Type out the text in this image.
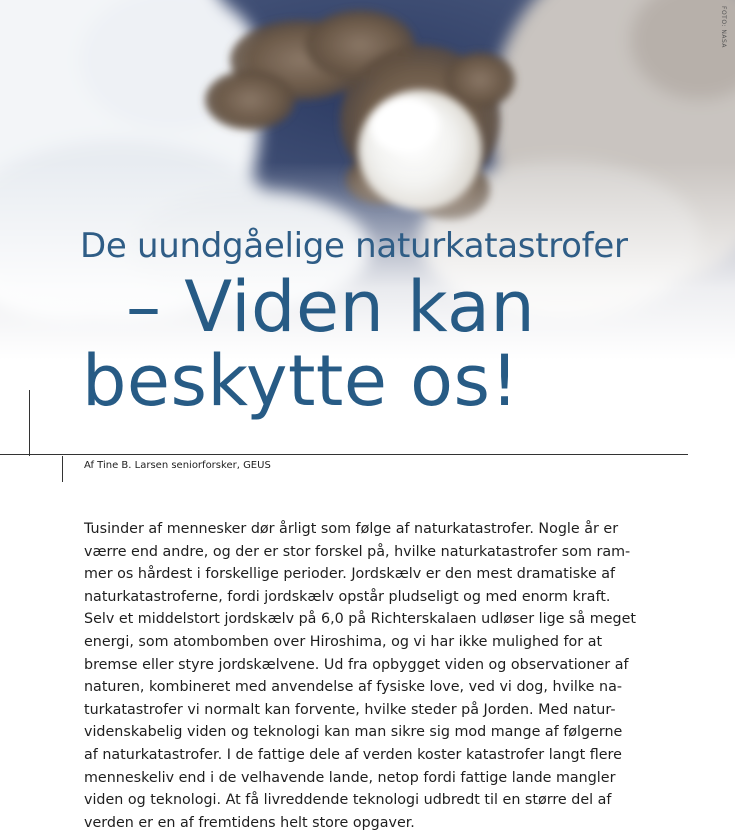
FOTO: NASA
De uundgåelige naturkatastrofer
– Viden kan
beskytte os!
Af Tine B. Larsen seniorforsker, GEUS

Tusinder af mennesker dør årligt som følge af naturkatastrofer. Nogle år er
værre end andre, og der er stor forskel på, hvilke naturkatastrofer som ram-
mer os hårdest i forskellige perioder. Jordskælv er den mest dramatiske af
naturkatastroferne, fordi jordskælv opstår pludseligt og med enorm kraft.
Selv et middelstort jordskælv på 6,0 på Richterskalaen udløser lige så meget
energi, som atombomben over Hiroshima, og vi har ikke mulighed for at
bremse eller styre jordskælvene. Ud fra opbygget viden og observationer af
naturen, kombineret med anvendelse af fysiske love, ved vi dog, hvilke na-
turkatastrofer vi normalt kan forvente, hvilke steder på Jorden. Med natur-
videnskabelig viden og teknologi kan man sikre sig mod mange af følgerne
af naturkatastrofer. I de fattige dele af verden koster katastrofer langt flere
menneskeliv end i de velhavende lande, netop fordi fattige lande mangler
viden og teknologi. At få livreddende teknologi udbredt til en større del af
verden er en af fremtidens helt store opgaver.
